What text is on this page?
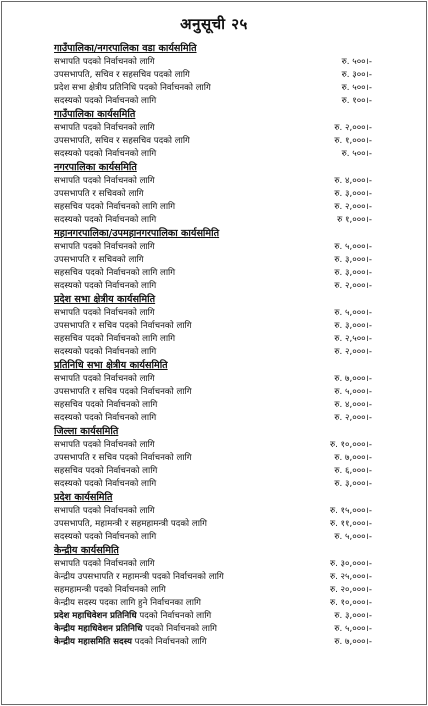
अनुसूची २५
गाउँपालिका/नगरपालिका वडा कार्यसमिति
सभापति पदको निर्वाचनको लागि	रु. ५००।-
उपसभापति, सचिव र सहसचिव पदको लागि	रु. ३००।-
प्रदेश सभा क्षेत्रीय प्रतिनिधि पदको निर्वाचनको लागि	रु. ५००।-
सदस्यको पदको निर्वाचनको लागि	रु. १००।-
गाउँपालिका कार्यसमिति
सभापति पदको निर्वाचनको लागि	रु. २,०००।-
उपसभापति, सचिव र सहसचिव पदको लागि	रु. १,०००।-
सदस्यको पदको निर्वाचनको लागि	रु. ५००।-
नगरपालिका कार्यसमिति
सभापति पदको निर्वाचनको लागि	रु. ४,०००।-
उपसभापति र सचिवको लागि	रु. ३,०००।-
सहसचिव पदको निर्वाचनको लागि लागि	रु. २,०००।-
सदस्यको पदको निर्वाचनको लागि	रु १,०००।-
महानगरपालिका/उपमहानगरपालिका कार्यसमिति
सभापति पदको निर्वाचनको लागि	रु. ५,०००।-
उपसभापति र सचिवको लागि	रु. ३,०००।-
सहसचिव पदको निर्वाचनको लागि लागि	रु. ३,०००।-
सदस्यको पदको निर्वाचनको लागि	रु. २,०००।-
प्रदेश सभा क्षेत्रीय कार्यसमिति
सभापति पदको निर्वाचनको लागि	रु. ५,०००।-
उपसभापति र सचिव पदको निर्वाचनको लागि	रु. ३,०००।-
सहसचिव पदको निर्वाचनको लागि लागि	रु. २,५००।-
सदस्यको पदको निर्वाचनको लागि	रु. २,०००।-
प्रतिनिधि सभा क्षेत्रीय कार्यसमिति
सभापति पदको निर्वाचनको लागि	रु. ७,०००।-
उपसभापति र सचिव पदको निर्वाचनको लागि	रु. ५,०००।-
सहसचिव पदको निर्वाचनको लागि	रु. ४,०००।-
सदस्यको पदको निर्वाचनको लागि	रु. २,०००।-
जिल्ला कार्यसमिति
सभापति पदको निर्वाचनको लागि	रु. १०,०००।-
उपसभापति र सचिव पदको निर्वाचनको लागि	रु. ७,०००।-
सहसचिव पदको निर्वाचनको लागि	रु. ६,०००।-
सदस्यको पदको निर्वाचनको लागि	रु. ३,०००।-
प्रदेश कार्यसमिति
सभापति पदको निर्वाचनको लागि	रु. १५,०००।-
उपसभापति, महामन्त्री र सहमहामन्त्री पदको लागि	रु. ११,०००।-
सदस्यको पदको निर्वाचनको लागि	रु. ५,०००।-
केन्द्रीय कार्यसमिति
सभापति पदको निर्वाचनको लागि	रु. ३०,०००।-
केन्द्रीय उपसभापति र महामन्त्री पदको निर्वाचनको लागि	रु. २५,०००।-
सहमहामन्त्री पदको निर्वाचनको लागि	रु. २०,०००।-
केन्द्रीय सदस्य पदका लागि हुने निर्वाचनका लागि	रु. १०,०००।-
प्रदेश महाधिवेशन प्रतिनिधि पदको निर्वाचनको लागि	रु. ३,०००।-
केन्द्रीय महाधिवेशन प्रतिनिधि पदको निर्वाचनको लागि	रु. ५,०००।-
केन्द्रीय महासमिति सदस्य पदको निर्वाचनको लागि	रु. ७,०००।-
